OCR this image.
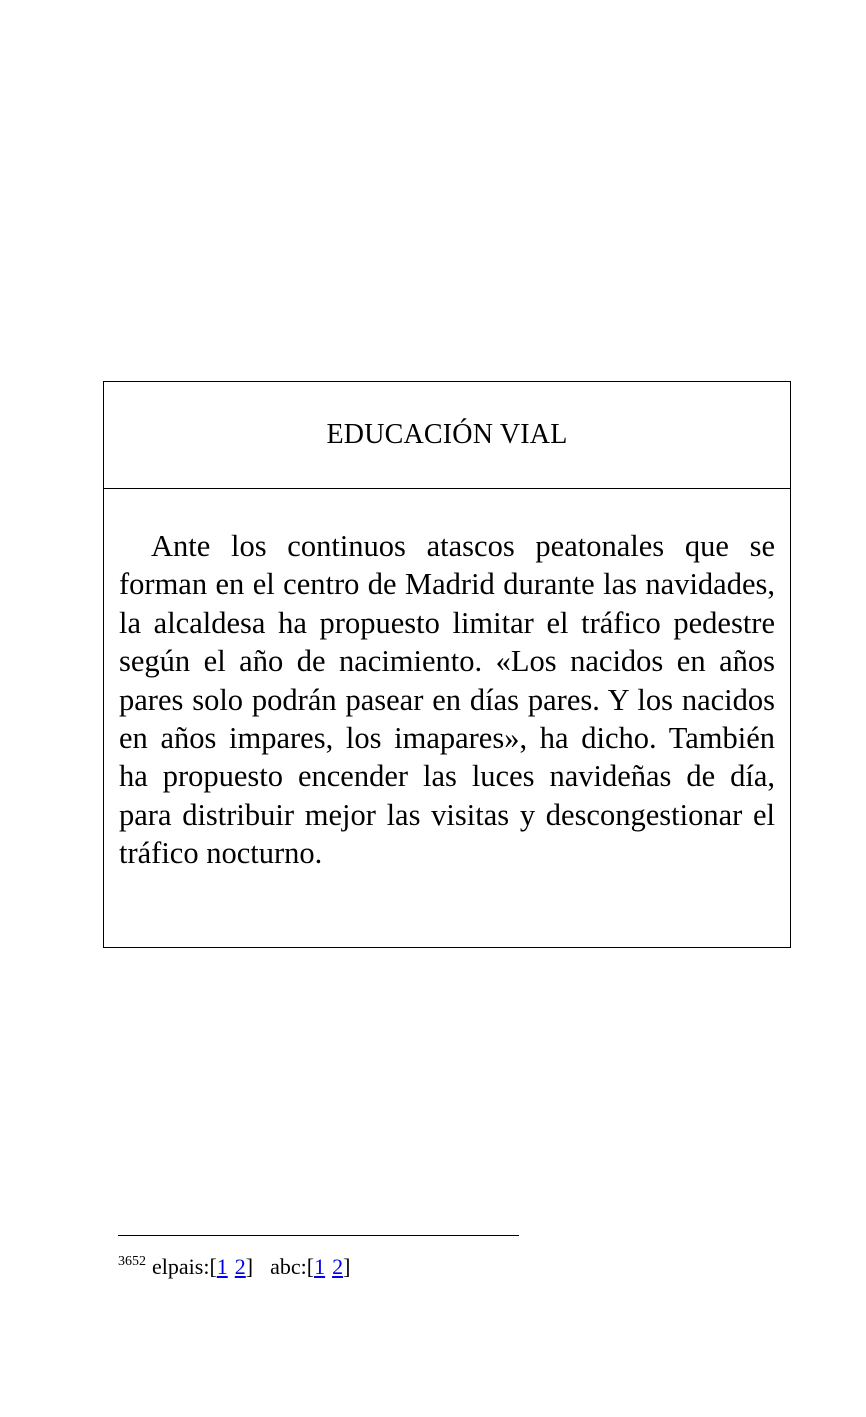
EDUCACIÓN VIAL
Ante los continuos atascos peatonales que se forman en el centro de Madrid durante las navidades, la alcaldesa ha propuesto limitar el tráfico pedestre según el año de nacimiento. «Los nacidos en años pares solo podrán pasear en días pares. Y los nacidos en años impares, los imapares», ha dicho. También ha propuesto encender las luces navideñas de día, para distribuir mejor las visitas y descongestionar el tráfico nocturno.
$^{3652}$ elpais:[1 2] abc:[1 2]
